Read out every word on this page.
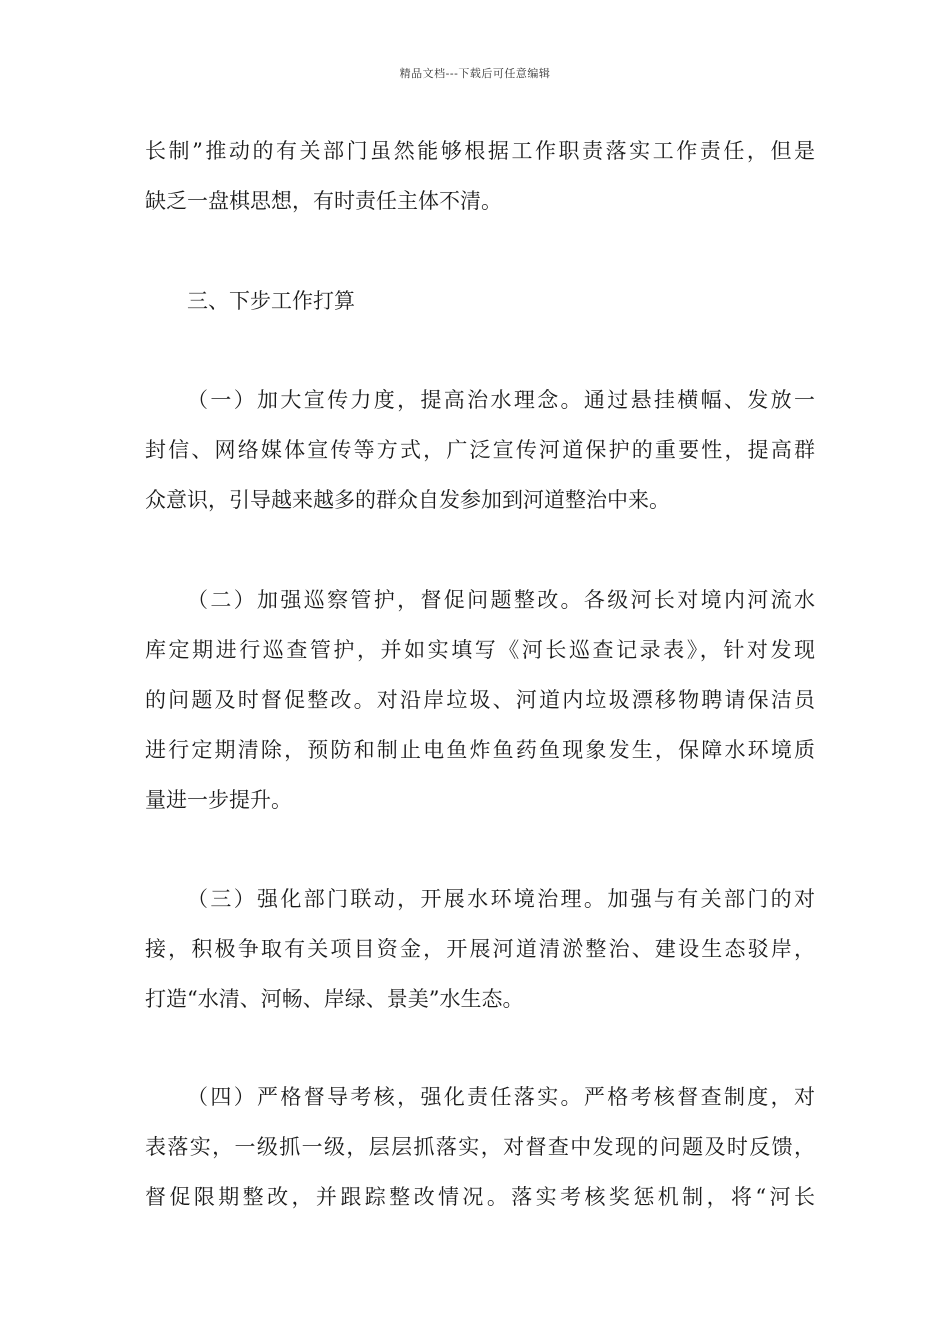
精品文档---下载后可任意编辑
长制”推动的有关部门虽然能够根据工作职责落实工作责任，但是
缺乏一盘棋思想，有时责任主体不清。
三、下步工作打算
（一）加大宣传力度，提高治水理念。通过悬挂横幅、发放一
封信、网络媒体宣传等方式，广泛宣传河道保护的重要性，提高群
众意识，引导越来越多的群众自发参加到河道整治中来。
（二）加强巡察管护，督促问题整改。各级河长对境内河流水
库定期进行巡查管护，并如实填写《河长巡查记录表》，针对发现
的问题及时督促整改。对沿岸垃圾、河道内垃圾漂移物聘请保洁员
进行定期清除，预防和制止电鱼炸鱼药鱼现象发生，保障水环境质
量进一步提升。
（三）强化部门联动，开展水环境治理。加强与有关部门的对
接，积极争取有关项目资金，开展河道清淤整治、建设生态驳岸，
打造“水清、河畅、岸绿、景美”水生态。
（四）严格督导考核，强化责任落实。严格考核督查制度，对
表落实，一级抓一级，层层抓落实，对督查中发现的问题及时反馈，
督促限期整改，并跟踪整改情况。落实考核奖惩机制，将“河长
